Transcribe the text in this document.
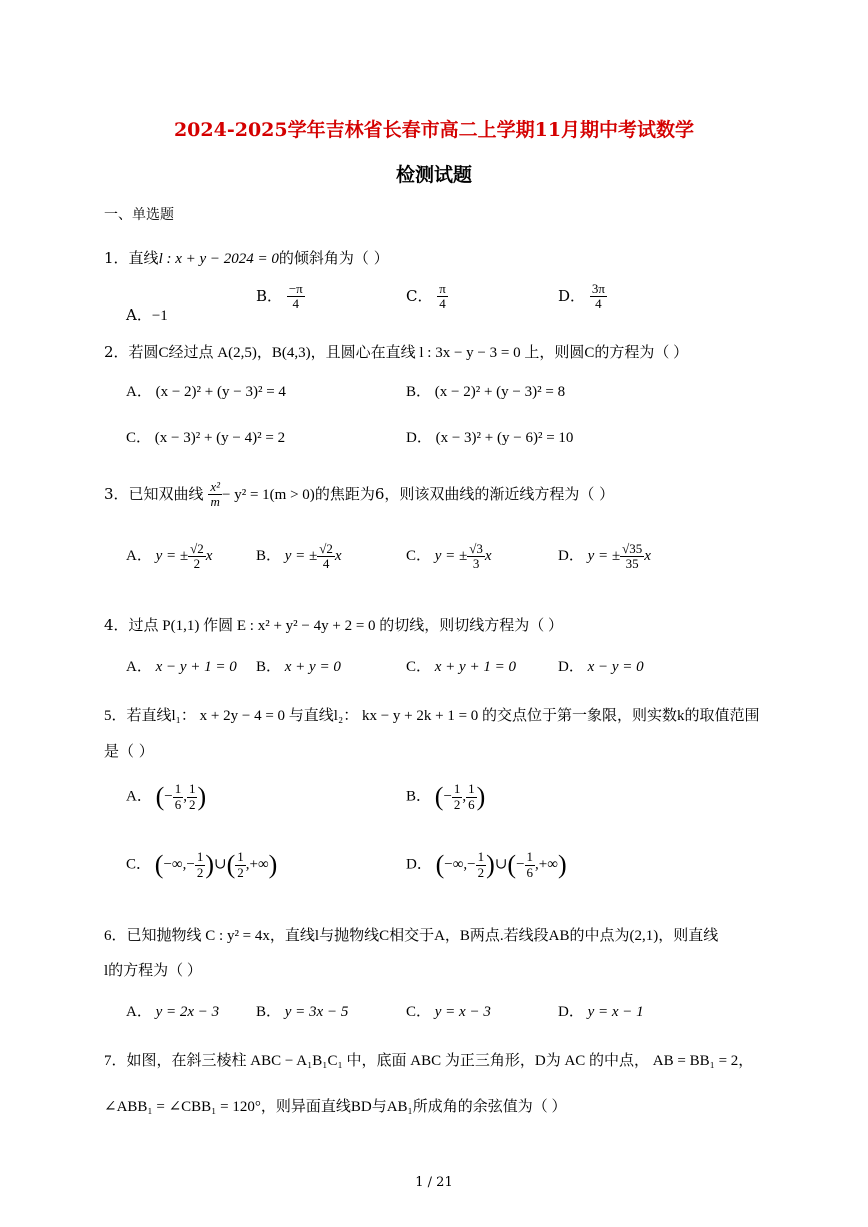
2024-2025学年吉林省长春市高二上学期11月期中考试数学
检测试题
一、单选题
1．直线l : x + y − 2024 = 0的倾斜角为（ ）
A．−1
B． $\frac{-\pi}{4}$	C． $\frac{\pi}{4}$	D． $\frac{3\pi}{4}$
2．若圆C经过点 A(2,5)，B(4,3)，且圆心在直线 l : 3x − y − 3 = 0 上，则圆C的方程为（ ）
A． (x − 2)² + (y − 3)² = 4	B． (x − 2)² + (y − 3)² = 8
C． (x − 3)² + (y − 4)² = 2	D． (x − 3)² + (y − 6)² = 10
3．已知双曲线 $\frac{\text{x²}}{m} - y^2 = 1(m > 0)$的焦距为6，则该双曲线的渐近线方程为（ ）
A． y = ± $\frac{√2}{2}$ x	B． y = ± $\frac{√2}{4}$ x	C． y = ± $\frac{√3}{3}$ x	D． y = ± $\frac{√35}{35}$ x
4．过点 P(1,1) 作圆 E : x² + y² − 4y + 2 = 0 的切线，则切线方程为（ ）
A． x − y + 1 = 0 B． x + y = 0	C． x + y + 1 = 0	D． x − y = 0
5．若直线l₁： x + 2y − 4 = 0 与直线l₂： kx − y + 2k + 1 = 0 的交点位于第一象限，则实数k的取值范围
是（ ）
A． (− $\frac{1}{6}$ , $\frac{1}{2}$ )	B． (− $\frac{1}{2}$ , $\frac{1}{6}$ )
C． (−∞,− $\frac{1}{2}$ )∪( $\frac{1}{2}$ ,+∞)	D． (−∞,− $\frac{1}{2}$ )∪(− $\frac{1}{6}$ ,+∞)
6．已知抛物线 C : y² = 4x，直线l与抛物线C相交于A，B两点.若线段AB的中点为(2,1)，则直线
l的方程为（ ）
A． y = 2x − 3 B． y = 3x − 5	C． y = x − 3	D． y = x − 1
7．如图，在斜三棱柱 ABC − A₁B₁C₁ 中，底面 ABC 为正三角形，D为 AC 的中点， AB = BB₁ = 2，
∠ABB₁ = ∠CBB₁ = 120°，则异面直线BD与AB₁所成角的余弦值为（ ）
1 / 21
